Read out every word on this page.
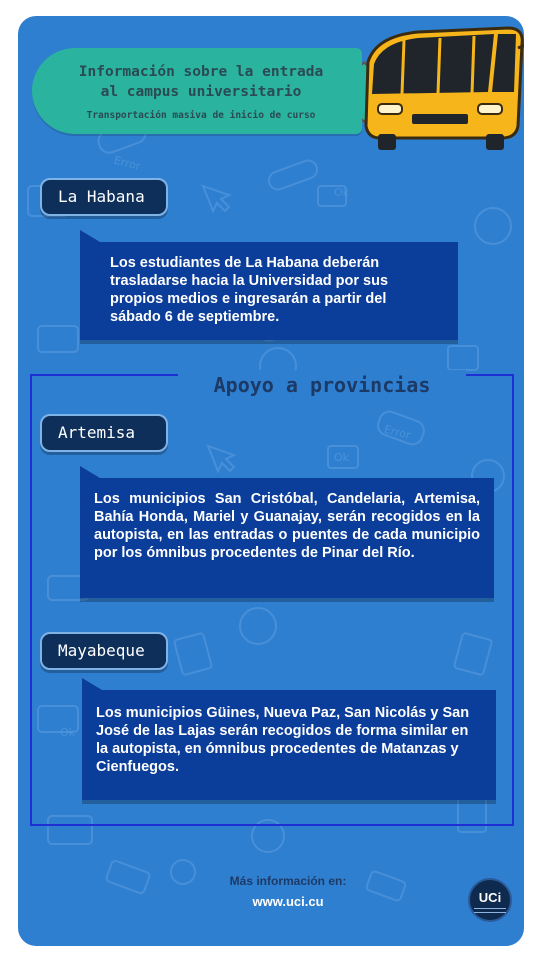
Error
Ok
Error
Ok
Ok
Información sobre la entrada
al campus universitario
Transportación masiva de inicio de curso
La Habana
Los estudiantes de La Habana deberán trasladarse hacia la Universidad por sus propios medios e ingresarán a partir del sábado 6 de septiembre.
Apoyo a provincias
Artemisa
Los municipios San Cristóbal, Candelaria, Artemisa, Bahía Honda, Mariel y Guanajay, serán recogidos en la autopista, en las entradas o puentes de cada municipio por los ómnibus procedentes de Pinar del Río.
Mayabeque
Los municipios Güines, Nueva Paz, San Nicolás y San José de las Lajas serán recogidos de forma similar en la autopista, en ómnibus procedentes de Matanzas y Cienfuegos.
Más información en:
www.uci.cu	UCi
